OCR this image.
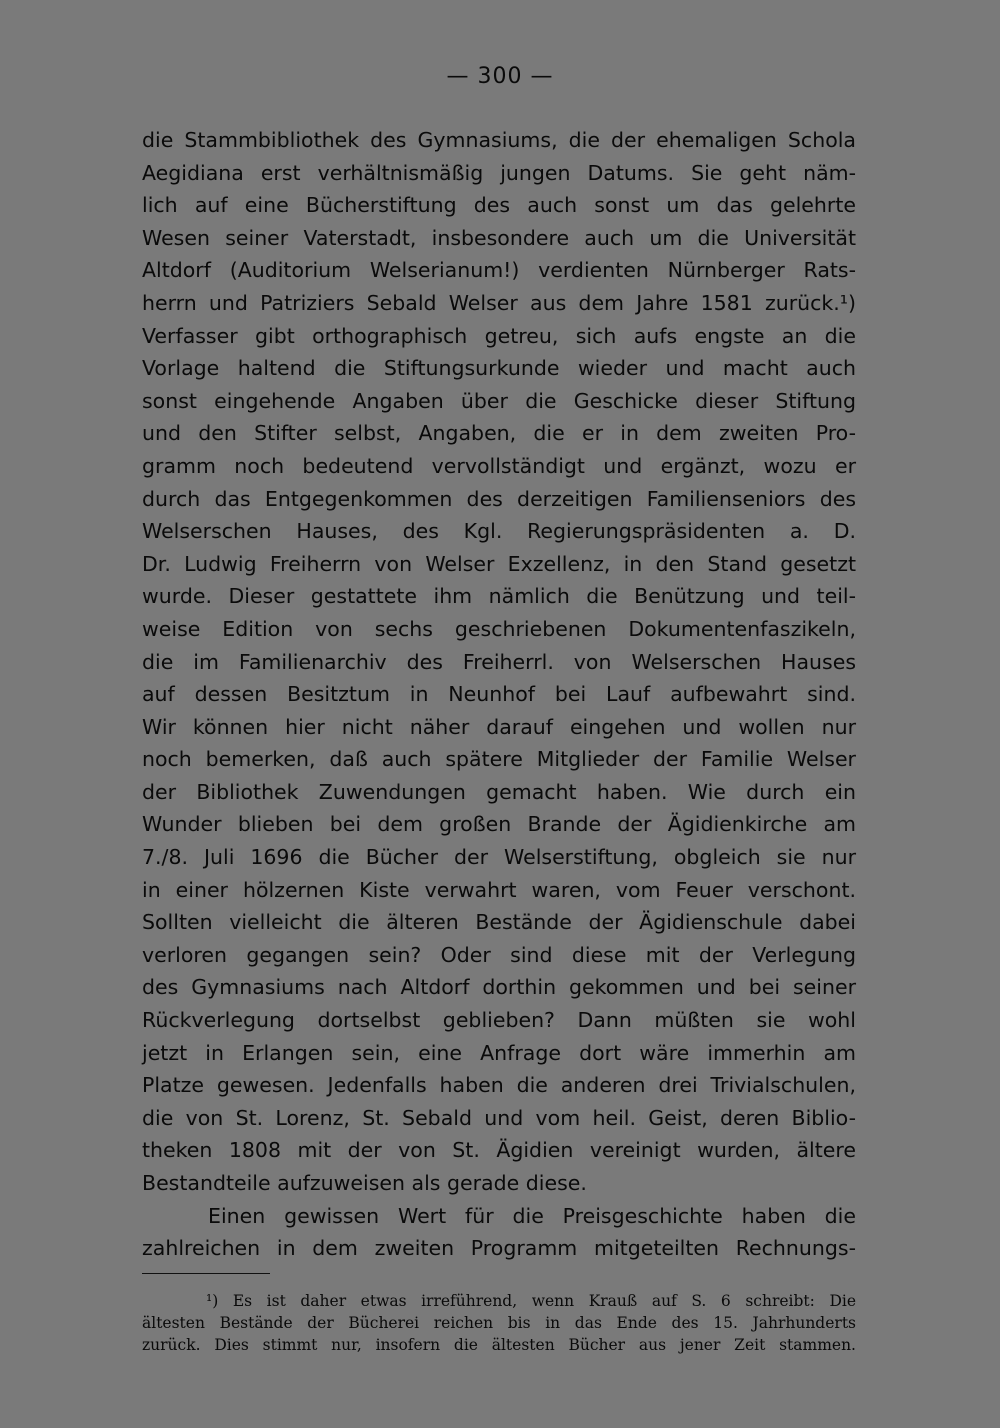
— 300 —
die Stammbibliothek des Gymnasiums, die der ehemaligen Schola
Aegidiana erst verhältnismäßig jungen Datums. Sie geht näm-
lich auf eine Bücherstiftung des auch sonst um das gelehrte
Wesen seiner Vaterstadt, insbesondere auch um die Universität
Altdorf (Auditorium Welserianum!) verdienten Nürnberger Rats-
herrn und Patriziers Sebald Welser aus dem Jahre 1581 zurück.¹)
Verfasser gibt orthographisch getreu, sich aufs engste an die
Vorlage haltend die Stiftungsurkunde wieder und macht auch
sonst eingehende Angaben über die Geschicke dieser Stiftung
und den Stifter selbst, Angaben, die er in dem zweiten Pro-
gramm noch bedeutend vervollständigt und ergänzt, wozu er
durch das Entgegenkommen des derzeitigen Familienseniors des
Welserschen Hauses, des Kgl. Regierungspräsidenten a. D.
Dr. Ludwig Freiherrn von Welser Exzellenz, in den Stand gesetzt
wurde. Dieser gestattete ihm nämlich die Benützung und teil-
weise Edition von sechs geschriebenen Dokumentenfaszikeln,
die im Familienarchiv des Freiherrl. von Welserschen Hauses
auf dessen Besitztum in Neunhof bei Lauf aufbewahrt sind.
Wir können hier nicht näher darauf eingehen und wollen nur
noch bemerken, daß auch spätere Mitglieder der Familie Welser
der Bibliothek Zuwendungen gemacht haben. Wie durch ein
Wunder blieben bei dem großen Brande der Ägidienkirche am
7./8. Juli 1696 die Bücher der Welserstiftung, obgleich sie nur
in einer hölzernen Kiste verwahrt waren, vom Feuer verschont.
Sollten vielleicht die älteren Bestände der Ägidienschule dabei
verloren gegangen sein? Oder sind diese mit der Verlegung
des Gymnasiums nach Altdorf dorthin gekommen und bei seiner
Rückverlegung dortselbst geblieben? Dann müßten sie wohl
jetzt in Erlangen sein, eine Anfrage dort wäre immerhin am
Platze gewesen. Jedenfalls haben die anderen drei Trivialschulen,
die von St. Lorenz, St. Sebald und vom heil. Geist, deren Biblio-
theken 1808 mit der von St. Ägidien vereinigt wurden, ältere
Bestandteile aufzuweisen als gerade diese.
Einen gewissen Wert für die Preisgeschichte haben die
zahlreichen in dem zweiten Programm mitgeteilten Rechnungs-
¹) Es ist daher etwas irreführend, wenn Krauß auf S. 6 schreibt: Die
ältesten Bestände der Bücherei reichen bis in das Ende des 15. Jahrhunderts
zurück. Dies stimmt nur, insofern die ältesten Bücher aus jener Zeit stammen.
